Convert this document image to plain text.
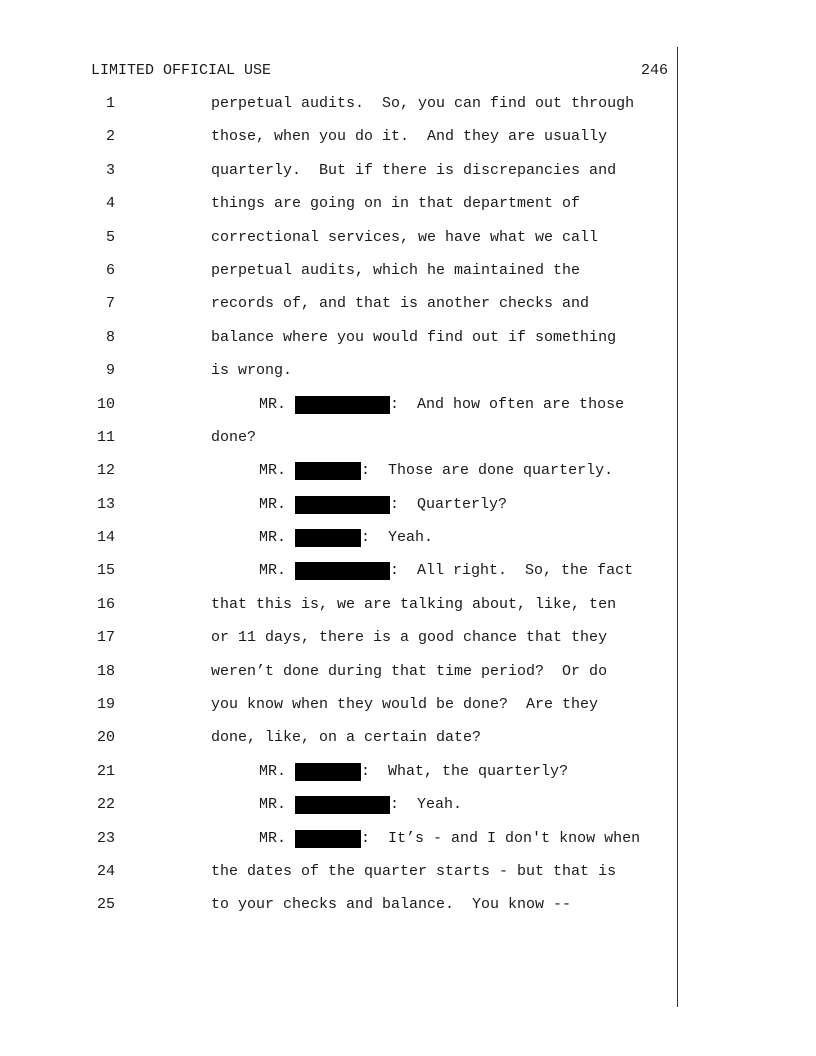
LIMITED OFFICIAL USE	246
1	perpetual audits.  So, you can find out through
2	those, when you do it.  And they are usually
3	quarterly.  But if there is discrepancies and
4	things are going on in that department of
5	correctional services, we have what we call
6	perpetual audits, which he maintained the
7	records of, and that is another checks and
8	balance where you would find out if something
9	is wrong.
10	MR.	:  And how often are those
11	done?
12	MR.	:  Those are done quarterly.
13	MR.	:  Quarterly?
14	MR.	:  Yeah.
15	MR.	:  All right.  So, the fact
16	that this is, we are talking about, like, ten
17	or 11 days, there is a good chance that they
18	weren’t done during that time period?  Or do
19	you know when they would be done?  Are they
20	done, like, on a certain date?
21	MR.	:  What, the quarterly?
22	MR.	:  Yeah.
23	MR.	:  It’s - and I don't know when
24	the dates of the quarter starts - but that is
25	to your checks and balance.  You know --
